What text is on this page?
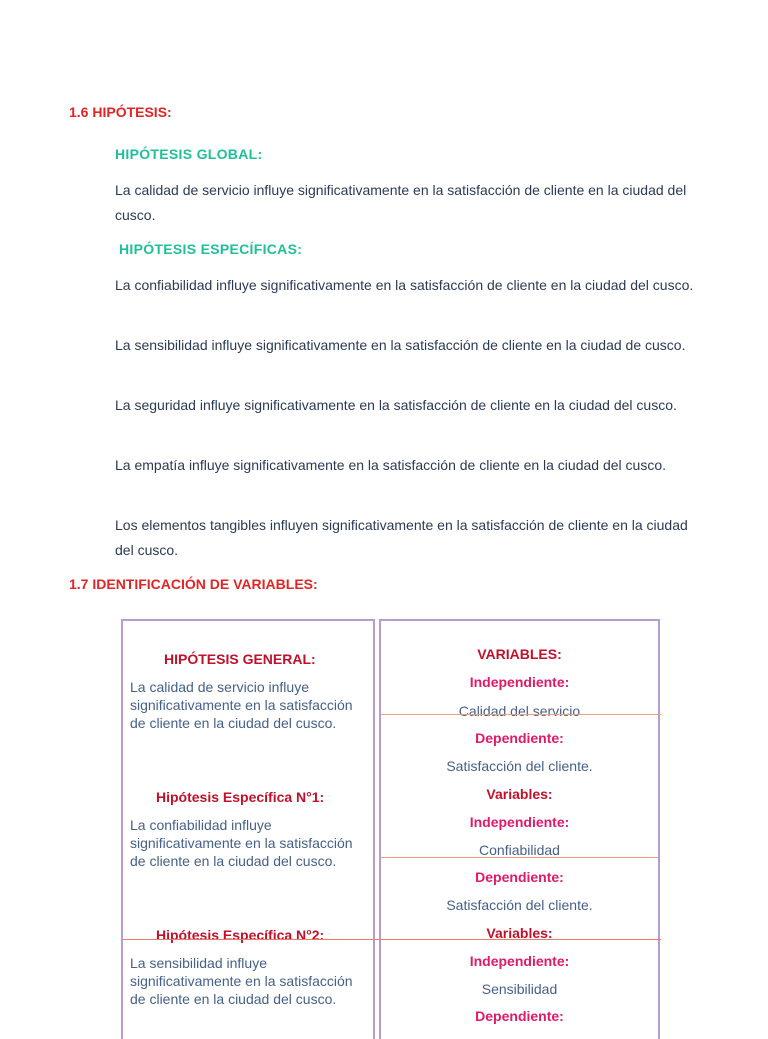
1.6 HIPÓTESIS:
HIPÓTESIS GLOBAL:

La calidad de servicio influye significativamente en la satisfacción de cliente en la ciudad del cusco.

HIPÓTESIS ESPECÍFICAS:

La confiabilidad influye significativamente en la satisfacción de cliente en la ciudad del cusco.

La sensibilidad influye significativamente en la satisfacción de cliente en la ciudad de cusco.

La seguridad influye significativamente en la satisfacción de cliente en la ciudad del cusco.

La empatía influye significativamente en la satisfacción de cliente en la ciudad del cusco.

Los elementos tangibles influyen significativamente en la satisfacción de cliente en la ciudad del cusco.

1.7 IDENTIFICACIÓN DE VARIABLES:
HIPÓTESIS GENERAL:

La calidad de servicio influye significativamente en la satisfacción de cliente en la ciudad del cusco.

Hipótesis Específica N°1:

La confiabilidad influye significativamente en la satisfacción de cliente en la ciudad del cusco.

Hipótesis Específica N°2:

La sensibilidad influye significativamente en la satisfacción de cliente en la ciudad del cusco.

VARIABLES:
Independiente:
Calidad del servicio
Dependiente:
Satisfacción del cliente.
Variables:
Independiente:
Confiabilidad
Dependiente:
Satisfacción del cliente.
Variables:
Independiente:
Sensibilidad
Dependiente:
